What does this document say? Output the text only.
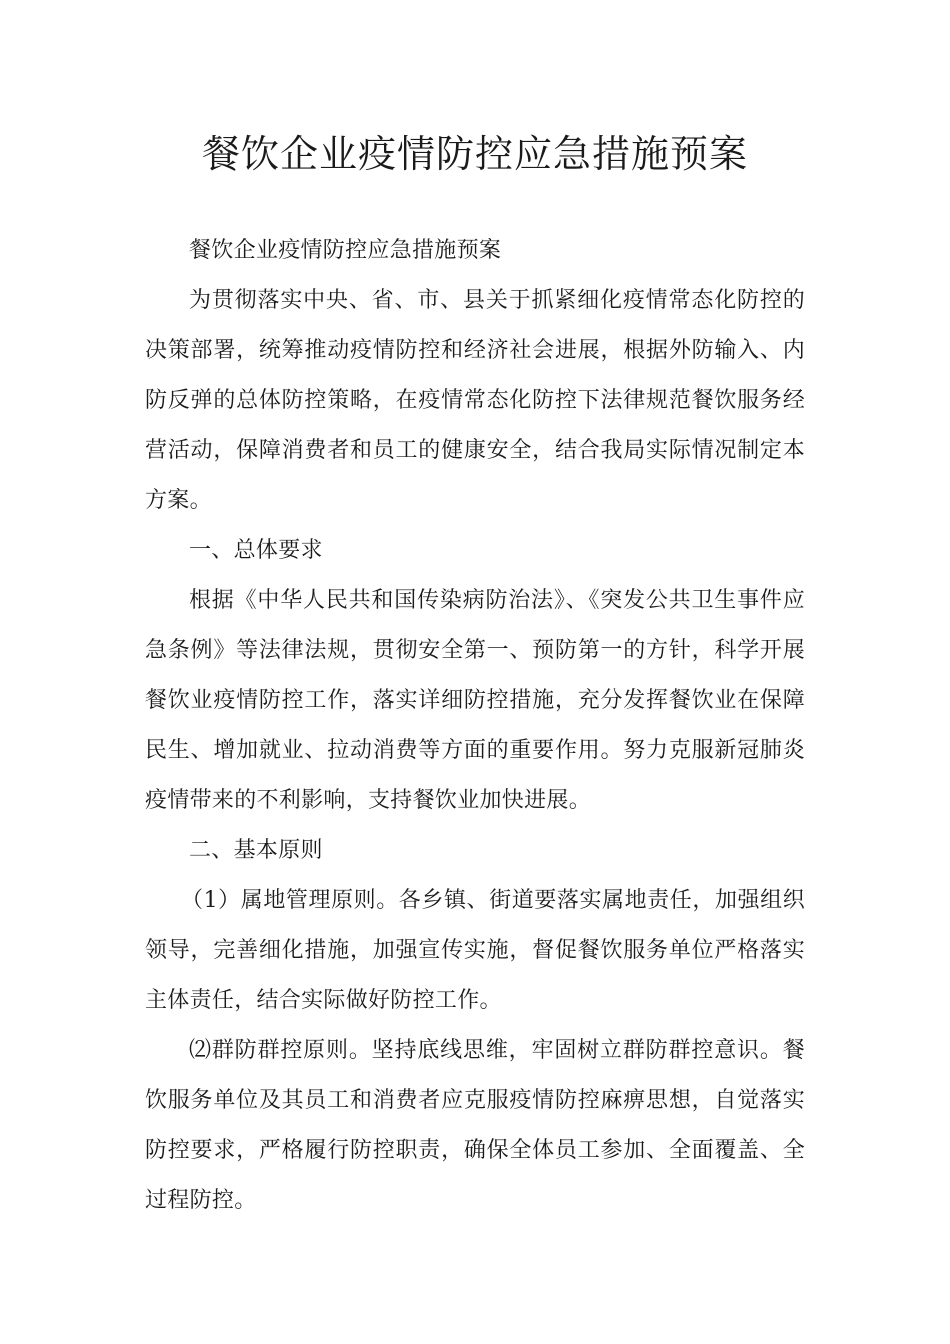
餐饮企业疫情防控应急措施预案

餐饮企业疫情防控应急措施预案

为贯彻落实中央、省、市、县关于抓紧细化疫情常态化防控的决策部署，统筹推动疫情防控和经济社会进展，根据外防输入、内防反弹的总体防控策略，在疫情常态化防控下法律规范餐饮服务经营活动，保障消费者和员工的健康安全，结合我局实际情况制定本方案。

一、总体要求

根据《中华人民共和国传染病防治法》、《突发公共卫生事件应急条例》等法律法规，贯彻安全第一、预防第一的方针，科学开展餐饮业疫情防控工作，落实详细防控措施，充分发挥餐饮业在保障民生、增加就业、拉动消费等方面的重要作用。努力克服新冠肺炎疫情带来的不利影响，支持餐饮业加快进展。

二、基本原则

（1）属地管理原则。各乡镇、街道要落实属地责任，加强组织领导，完善细化措施，加强宣传实施，督促餐饮服务单位严格落实主体责任，结合实际做好防控工作。

⑵群防群控原则。坚持底线思维，牢固树立群防群控意识。餐饮服务单位及其员工和消费者应克服疫情防控麻痹思想，自觉落实防控要求，严格履行防控职责，确保全体员工参加、全面覆盖、全过程防控。
